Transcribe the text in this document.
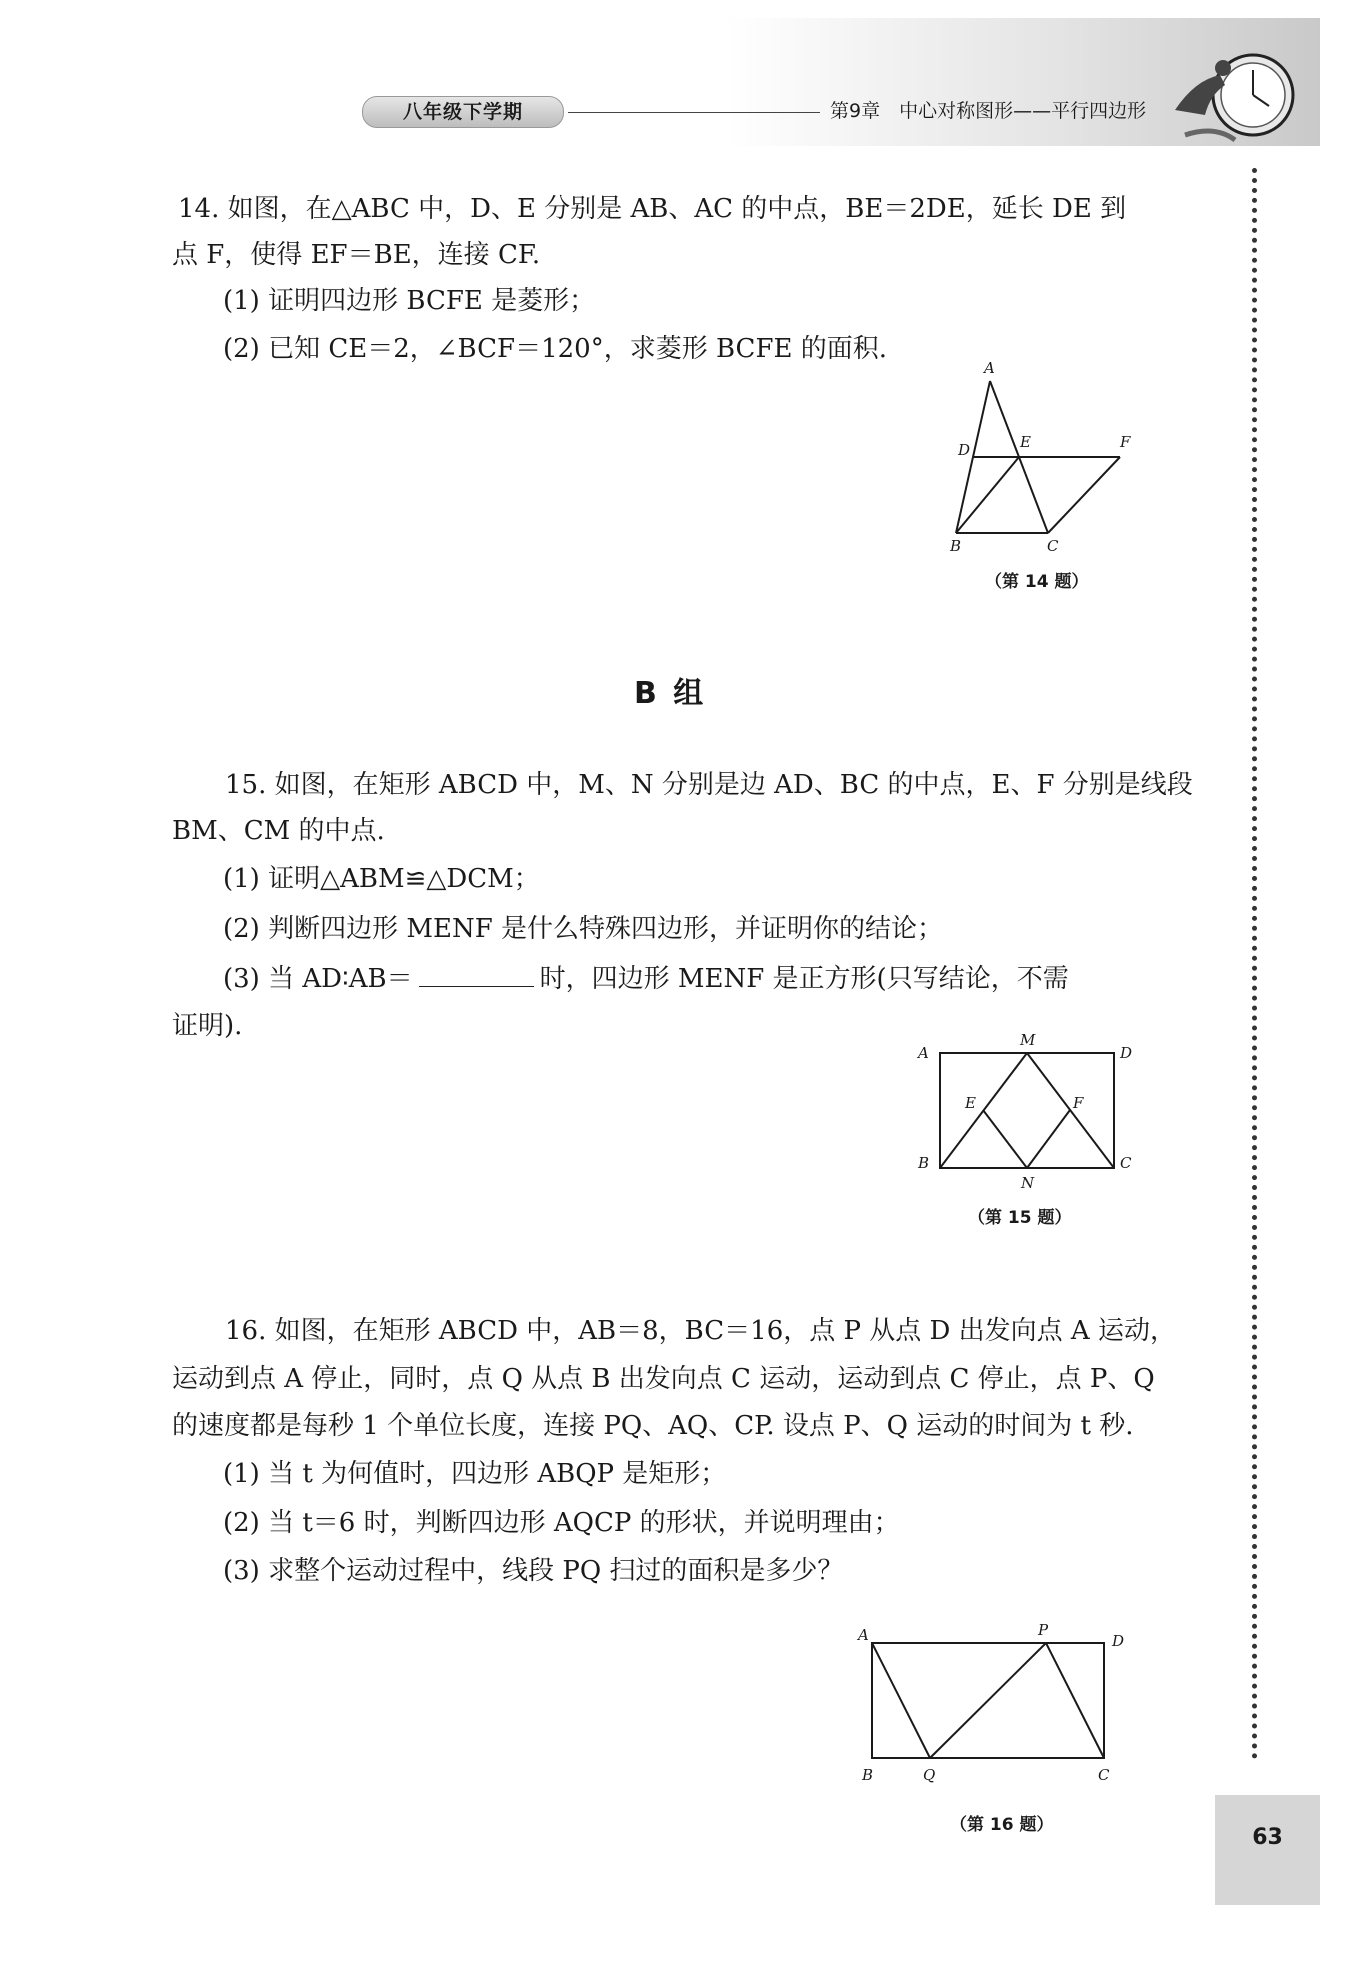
八年级下学期	第9章　中心对称图形——平行四边形
63
14. 如图，在△ABC 中，D、E 分别是 AB、AC 的中点，BE＝2DE，延长 DE 到
点 F，使得 EF＝BE，连接 CF.
(1) 证明四边形 BCFE 是菱形；
(2) 已知 CE＝2，∠BCF＝120°，求菱形 BCFE 的面积.
A
D	E	F
B	C
（第 14 题）
B 组
15. 如图，在矩形 ABCD 中，M、N 分别是边 AD、BC 的中点，E、F 分别是线段
BM、CM 的中点.
(1) 证明△ABM≌△DCM；
(2) 判断四边形 MENF 是什么特殊四边形，并证明你的结论；
(3) 当 AD∶AB＝	时，四边形 MENF 是正方形(只写结论，不需
证明).
A
M
D
E	F
B
N
C
（第 15 题）
16. 如图，在矩形 ABCD 中，AB＝8，BC＝16，点 P 从点 D 出发向点 A 运动，
运动到点 A 停止，同时，点 Q 从点 B 出发向点 C 运动，运动到点 C 停止，点 P、Q
的速度都是每秒 1 个单位长度，连接 PQ、AQ、CP. 设点 P、Q 运动的时间为 t 秒.
(1) 当 t 为何值时，四边形 ABQP 是矩形；
(2) 当 t＝6 时，判断四边形 AQCP 的形状，并说明理由；
(3) 求整个运动过程中，线段 PQ 扫过的面积是多少？
A	P
D
B	Q	C
（第 16 题）
